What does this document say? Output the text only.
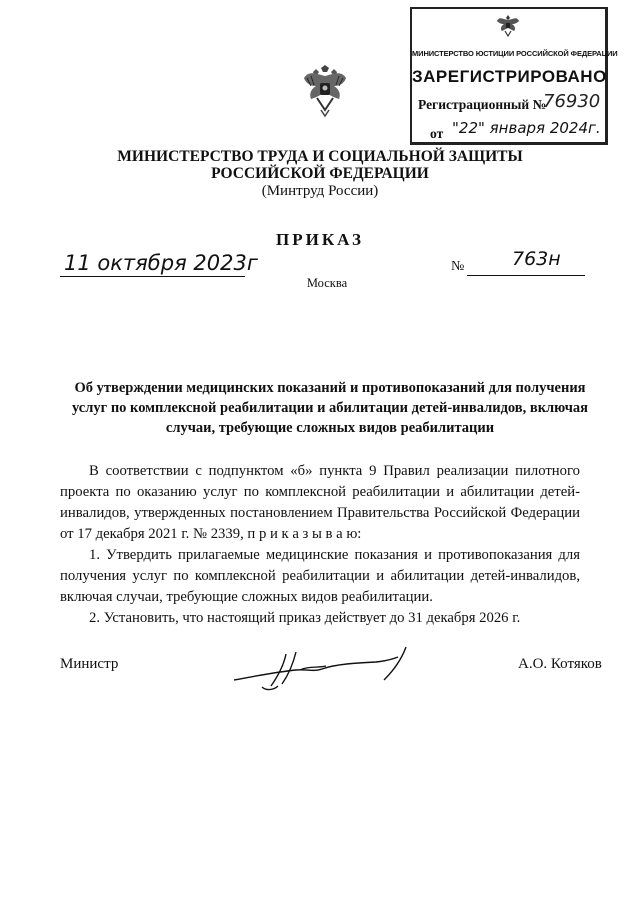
МИНИСТЕРСТВО ЮСТИЦИИ РОССИЙСКОЙ ФЕДЕРАЦИИ
ЗАРЕГИСТРИРОВАНО
Регистрационный №
76930
от "22" января 2024г.
МИНИСТЕРСТВО ТРУДА И СОЦИАЛЬНОЙ ЗАЩИТЫ
РОССИЙСКОЙ ФЕДЕРАЦИИ
(Минтруд России)
ПРИКАЗ
11 октября 2023г	№	763н
Москва
Об утверждении медицинских показаний и противопоказаний для получения
услуг по комплексной реабилитации и абилитации детей-инвалидов, включая
случаи, требующие сложных видов реабилитации

В соответствии с подпунктом «б» пункта 9 Правил реализации пилотного проекта по оказанию услуг по комплексной реабилитации и абилитации детей-инвалидов, утвержденных постановлением Правительства Российской Федерации от 17 декабря 2021 г. № 2339, п р и к а з ы в а ю:

1. Утвердить прилагаемые медицинские показания и противопоказания для получения услуг по комплексной реабилитации и абилитации детей-инвалидов, включая случаи, требующие сложных видов реабилитации.

2. Установить, что настоящий приказ действует до 31 декабря 2026 г.

Министр	А.О. Котяков
